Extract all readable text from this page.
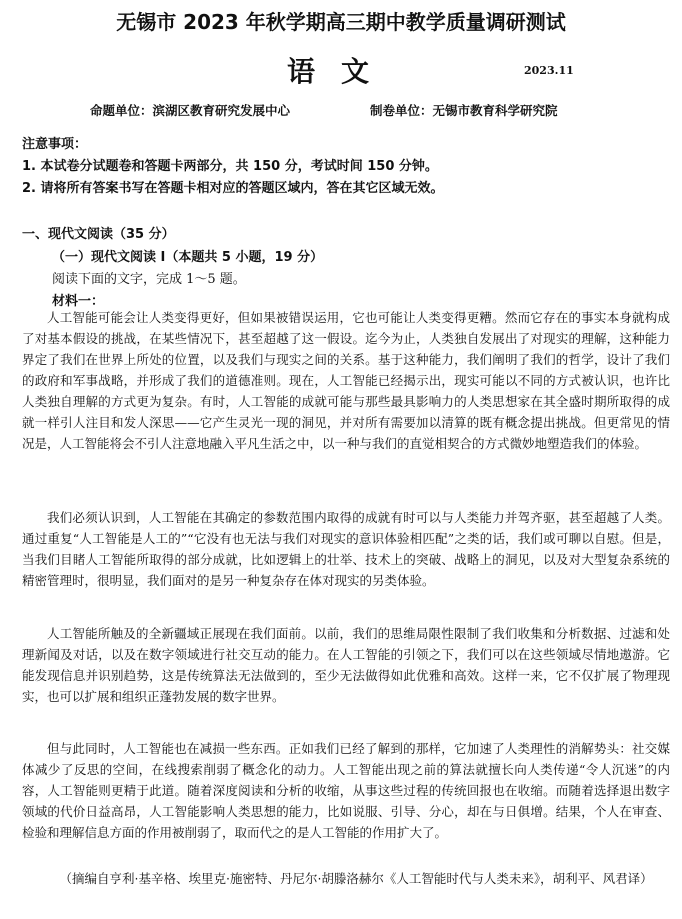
无锡市 2023 年秋学期高三期中教学质量调研测试
语文	2023.11
命题单位：滨湖区教育研究发展中心	制卷单位：无锡市教育科学研究院
注意事项：
1. 本试卷分试题卷和答题卡两部分，共 150 分，考试时间 150 分钟。
2. 请将所有答案书写在答题卡相对应的答题区域内，答在其它区域无效。
一、现代文阅读（35 分）
（一）现代文阅读 I（本题共 5 小题，19 分）
阅读下面的文字，完成 1～5 题。
材料一：

人工智能可能会让人类变得更好，但如果被错误运用，它也可能让人类变得更糟。然而它存在的事实本身就构成了对基本假设的挑战，在某些情况下，甚至超越了这一假设。迄今为止，人类独自发展出了对现实的理解，这种能力界定了我们在世界上所处的位置，以及我们与现实之间的关系。基于这种能力，我们阐明了我们的哲学，设计了我们的政府和军事战略，并形成了我们的道德准则。现在，人工智能已经揭示出，现实可能以不同的方式被认识，也许比人类独自理解的方式更为复杂。有时，人工智能的成就可能与那些最具影响力的人类思想家在其全盛时期所取得的成就一样引人注目和发人深思——它产生灵光一现的洞见，并对所有需要加以清算的既有概念提出挑战。但更常见的情况是，人工智能将会不引人注意地融入平凡生活之中，以一种与我们的直觉相契合的方式微妙地塑造我们的体验。

我们必须认识到，人工智能在其确定的参数范围内取得的成就有时可以与人类能力并驾齐驱，甚至超越了人类。通过重复“人工智能是人工的”“它没有也无法与我们对现实的意识体验相匹配”之类的话，我们或可聊以自慰。但是，当我们目睹人工智能所取得的部分成就，比如逻辑上的壮举、技术上的突破、战略上的洞见，以及对大型复杂系统的精密管理时，很明显，我们面对的是另一种复杂存在体对现实的另类体验。

人工智能所触及的全新疆域正展现在我们面前。以前，我们的思维局限性限制了我们收集和分析数据、过滤和处理新闻及对话，以及在数字领域进行社交互动的能力。在人工智能的引领之下，我们可以在这些领域尽情地遨游。它能发现信息并识别趋势，这是传统算法无法做到的，至少无法做得如此优雅和高效。这样一来，它不仅扩展了物理现实，也可以扩展和组织正蓬勃发展的数字世界。

但与此同时，人工智能也在减损一些东西。正如我们已经了解到的那样，它加速了人类理性的消解势头：社交媒体减少了反思的空间，在线搜索削弱了概念化的动力。人工智能出现之前的算法就擅长向人类传递“令人沉迷”的内容，人工智能则更精于此道。随着深度阅读和分析的收缩，从事这些过程的传统回报也在收缩。而随着选择退出数字领域的代价日益高昂，人工智能影响人类思想的能力，比如说服、引导、分心，却在与日俱增。结果，个人在审查、检验和理解信息方面的作用被削弱了，取而代之的是人工智能的作用扩大了。

（摘编自亨利·基辛格、埃里克·施密特、丹尼尔·胡滕洛赫尔《人工智能时代与人类未来》，胡利平、风君译）
